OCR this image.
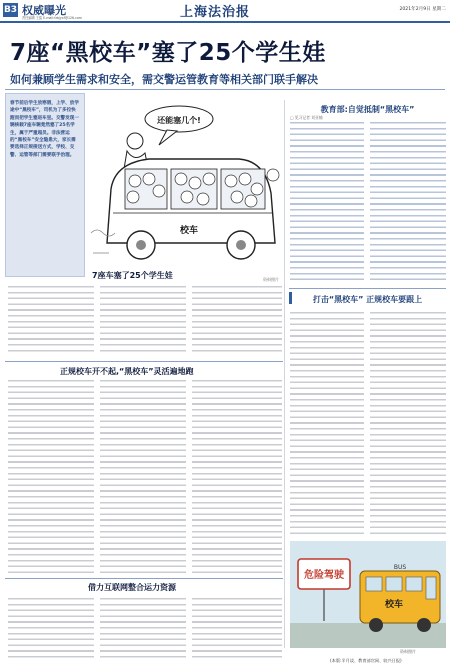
B3 权威曝光
责任编辑 王铭 E-mail:fzbjyxf@126.com	上海法治报	2021年2月9日 星期二
7座“黑校车”塞了25个学生娃
如何兼顾学生需求和安全，需交警运管教育等相关部门联手解决
春节前后学生放寒假，上学、放学途中“黑校车”，司机为了多拉快跑而把学生塞进车里。交警发现一辆核载7座车辆竟然塞了25名学生，属于严重超员。非法营运的“黑校车”安全隐患大，家长需要选择正规接送方式，学校、交警、运管等部门需要联手治理。
还能塞几个!
校车
资料照片
教育部:自觉抵制“黑校车”
□ 见习记者 刘亚楠
打击“黑校车” 正规校车要跟上
7座车塞了25个学生娃
正规校车开不起,“黑校车”灵活遍地跑
借力互联网整合运力资源
危险驾驶
校车
BUS
资料照片
(本版:半月谈、教育部官网、较兴日报)
